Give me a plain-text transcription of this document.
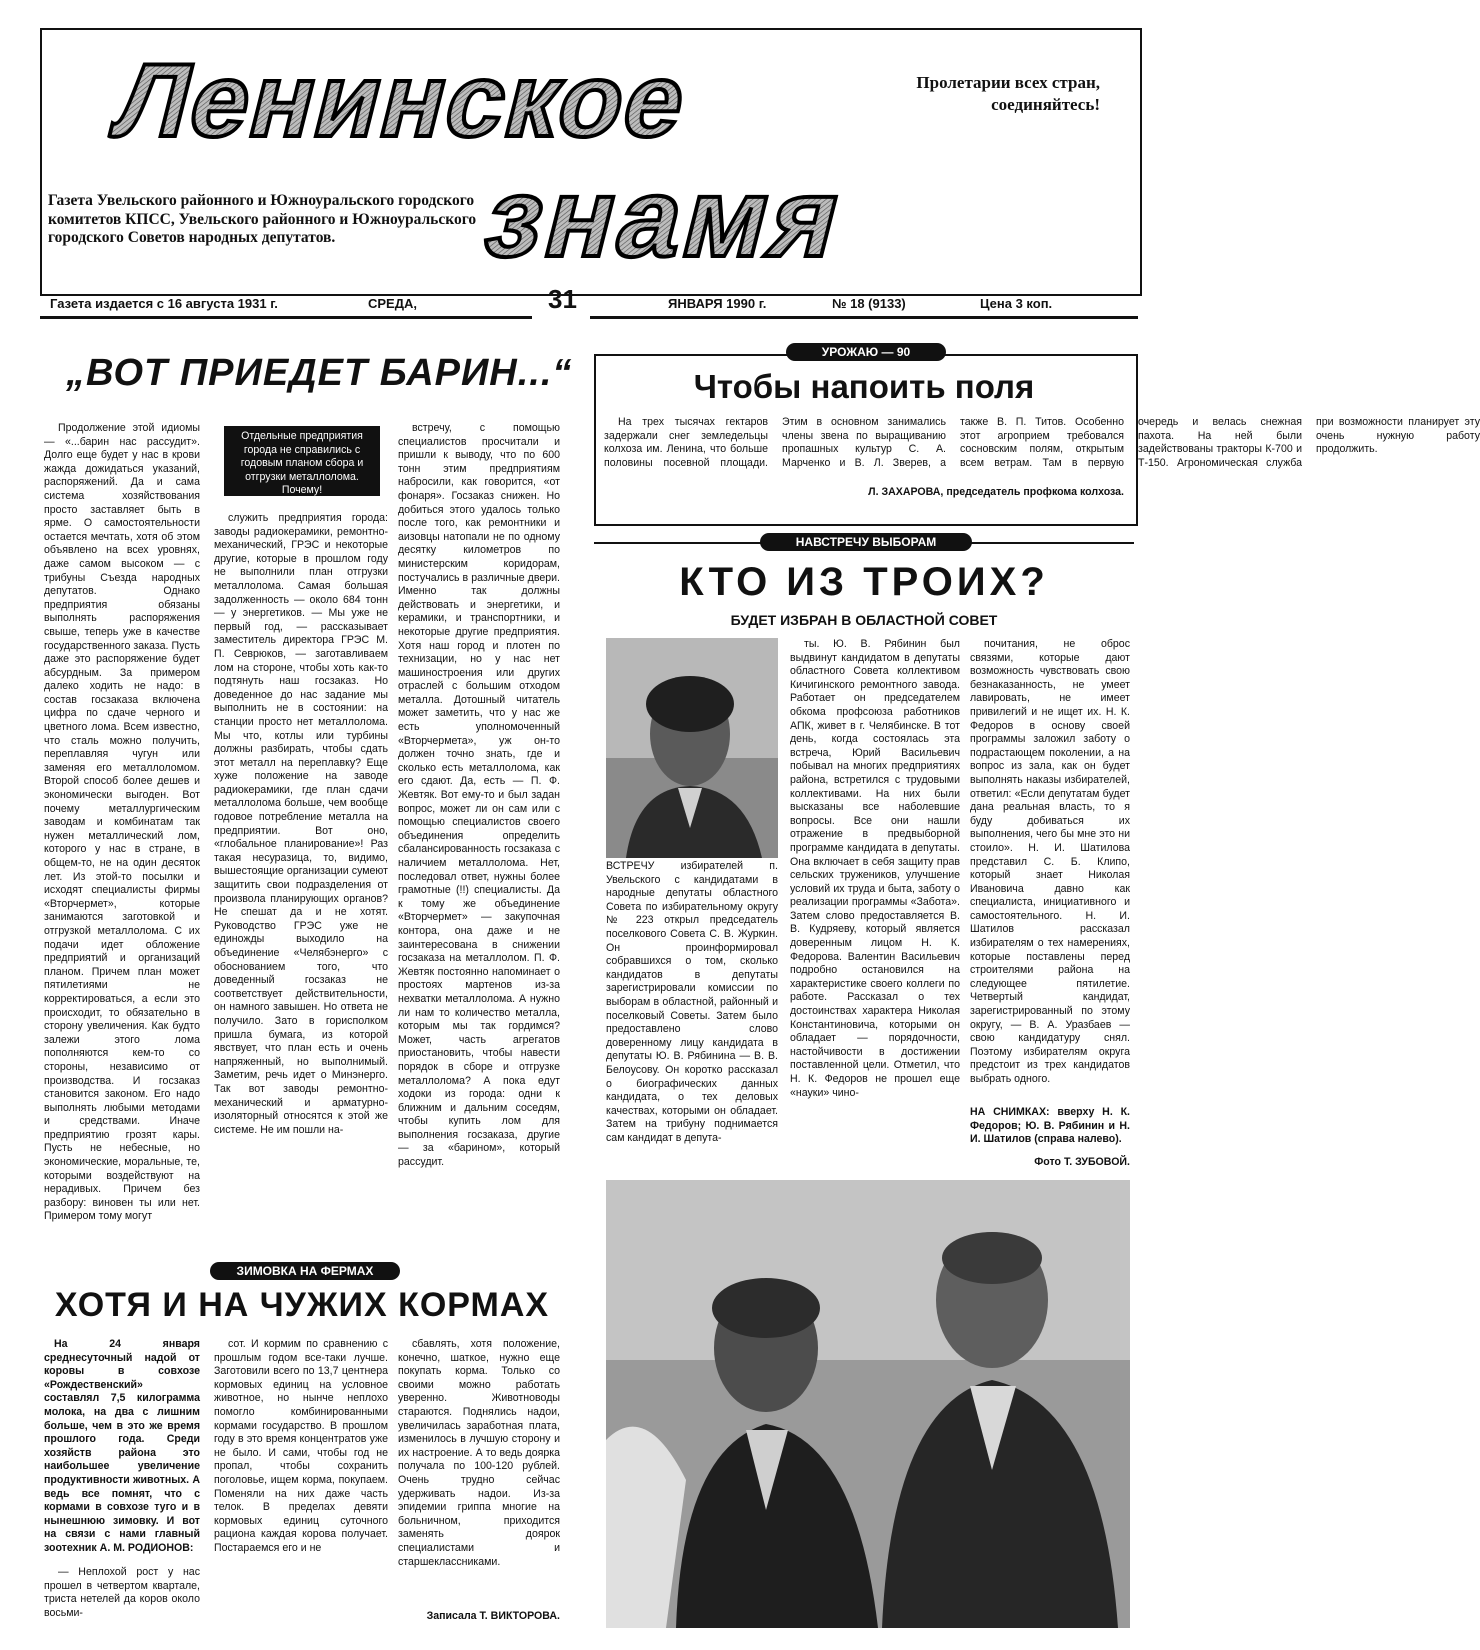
Ленинское
знамя
Пролетарии всех стран, соединяйтесь!
Газета Увельского районного и Южноуральского городского комитетов КПСС, Увельского районного и Южноуральского городского Советов народных депутатов.
Газета издается с 16 августа 1931 г.	СРЕДА,	31	ЯНВАРЯ 1990 г.	№ 18 (9133)	Цена 3 коп.
„ВОТ ПРИЕДЕТ БАРИН...“

Продолжение этой идиомы — «...барин нас рассудит». Долго еще будет у нас в крови жажда дожидаться указаний, распоряжений. Да и сама система хозяйствования просто заставляет быть в ярме. О самостоятельности остается мечтать, хотя об этом объявлено на всех уровнях, даже самом высоком — с трибуны Съезда народных депутатов. Однако предприятия обязаны выполнять распоряжения свыше, теперь уже в качестве государственного заказа. Пусть даже это распоряжение будет абсурдным. За примером далеко ходить не надо: в состав госзаказа включена цифра по сдаче черного и цветного лома. Всем известно, что сталь можно получить, переплавляя чугун или заменяя его металлоломом. Второй способ более дешев и экономически выгоден. Вот почему металлургическим заводам и комбинатам так нужен металлический лом, которого у нас в стране, в общем-то, не на один десяток лет. Из этой-то посылки и исходят специалисты фирмы «Вторчермет», которые занимаются заготовкой и отгрузкой металлолома. С их подачи идет обложение предприятий и организаций планом. Причем план может пятилетиями не корректироваться, а если это происходит, то обязательно в сторону увеличения. Как будто залежи этого лома пополняются кем-то со стороны, независимо от производства. И госзаказ становится законом. Его надо выполнять любыми методами и средствами. Иначе предприятию грозят кары. Пусть не небесные, но экономические, моральные, те, которыми воздействуют на нерадивых. Причем без разбору: виновен ты или нет. Примером тому могут

Отдельные предприятия города не справились с годовым планом сбора и отгрузки металлолома. Почему!

служить предприятия города: заводы радиокерамики, ремонтно-механический, ГРЭС и некоторые другие, которые в прошлом году не выполнили план отгрузки металлолома. Самая большая задолженность — около 684 тонн — у энергетиков. — Мы уже не первый год, — рассказывает заместитель директора ГРЭС М. П. Севрюков, — заготавливаем лом на стороне, чтобы хоть как-то подтянуть наш госзаказ. Но доведенное до нас задание мы выполнить не в состоянии: на станции просто нет металлолома. Мы что, котлы или турбины должны разбирать, чтобы сдать этот металл на переплавку? Еще хуже положение на заводе радиокерамики, где план сдачи металлолома больше, чем вообще годовое потребление металла на предприятии. Вот оно, «глобальное планирование»! Раз такая несуразица, то, видимо, вышестоящие организации сумеют защитить свои подразделения от произвола планирующих органов? Не спешат да и не хотят. Руководство ГРЭС уже не единожды выходило на объединение «Челябэнерго» с обоснованием того, что доведенный госзаказ не соответствует действительности, он намного завышен. Но ответа не получило. Зато в горисполком пришла бумага, из которой явствует, что план есть и очень напряженный, но выполнимый. Заметим, речь идет о Минэнерго. Так вот заводы ремонтно-механический и арматурно-изоляторный относятся к этой же системе. Не им пошли на-

встречу, с помощью специалистов просчитали и пришли к выводу, что по 600 тонн этим предприятиям набросили, как говорится, «от фонаря». Госзаказ снижен. Но добиться этого удалось только после того, как ремонтники и аизовцы натопали не по одному десятку километров по министерским коридорам, постучались в различные двери. Именно так должны действовать и энергетики, и керамики, и транспортники, и некоторые другие предприятия. Хотя наш город и плотен по технизации, но у нас нет машиностроения или других отраслей с большим отходом металла. Дотошный читатель может заметить, что у нас же есть уполномоченный «Вторчермета», уж он-то должен точно знать, где и сколько есть металлолома, как его сдают. Да, есть — П. Ф. Жевтяк. Вот ему-то и был задан вопрос, может ли он сам или с помощью специалистов своего объединения определить сбалансированность госзаказа с наличием металлолома. Нет, последовал ответ, нужны более грамотные (!!) специалисты. Да к тому же объединение «Вторчермет» — закупочная контора, она даже и не заинтересована в снижении госзаказа на металлолом. П. Ф. Жевтяк постоянно напоминает о простоях мартенов из-за нехватки металлолома. А нужно ли нам то количество металла, которым мы так гордимся? Может, часть агрегатов приостановить, чтобы навести порядок в сборе и отгрузке металлолома? А пока едут ходоки из города: одни к ближним и дальним соседям, чтобы купить лом для выполнения госзаказа, другие — за «барином», который рассудит.

УРОЖАЮ — 90
Чтобы напоить поля

На трех тысячах гектаров задержали снег земледельцы колхоза им. Ленина, что больше половины посевной площади. Этим в основном занимались члены звена по выращиванию пропашных культур С. А. Марченко и В. Л. Зверев, а также В. П. Титов. Особенно этот агроприем требовался сосновским полям, открытым всем ветрам. Там в первую очередь и велась снежная пахота. На ней были задействованы тракторы К-700 и Т-150. Агрономическая служба при возможности планирует эту очень нужную работу продолжить.

Л. ЗАХАРОВА, председатель профкома колхоза.
НАВСТРЕЧУ ВЫБОРАМ
КТО ИЗ ТРОИХ?
БУДЕТ ИЗБРАН В ОБЛАСТНОЙ СОВЕТ

ВСТРЕЧУ избирателей п. Увельского с кандидатами в народные депутаты областного Совета по избирательному округу № 223 открыл председатель поселкового Совета С. В. Журкин. Он проинформировал собравшихся о том, сколько кандидатов в депутаты зарегистрировали комиссии по выборам в областной, районный и поселковый Советы. Затем было предоставлено слово доверенному лицу кандидата в депутаты Ю. В. Рябинина — В. В. Белоусову. Он коротко рассказал о биографических данных кандидата, о тех деловых качествах, которыми он обладает. Затем на трибуну поднимается сам кандидат в депута-

ты. Ю. В. Рябинин был выдвинут кандидатом в депутаты областного Совета коллективом Кичигинского ремонтного завода. Работает он председателем обкома профсоюза работников АПК, живет в г. Челябинске. В тот день, когда состоялась эта встреча, Юрий Васильевич побывал на многих предприятиях района, встретился с трудовыми коллективами. На них были высказаны все наболевшие вопросы. Все они нашли отражение в предвыборной программе кандидата в депутаты. Она включает в себя защиту прав сельских тружеников, улучшение условий их труда и быта, заботу о реализации программы «Забота». Затем слово предоставляется В. В. Кудряеву, который является доверенным лицом Н. К. Федорова. Валентин Васильевич подробно остановился на характеристике своего коллеги по работе. Рассказал о тех достоинствах характера Николая Константиновича, которыми он обладает — порядочности, настойчивости в достижении поставленной цели. Отметил, что Н. К. Федоров не прошел еще «науки» чино-

почитания, не оброс связями, которые дают возможность чувствовать свою безнаказанность, не умеет лавировать, не имеет привилегий и не ищет их. Н. К. Федоров в основу своей программы заложил заботу о подрастающем поколении, а на вопрос из зала, как он будет выполнять наказы избирателей, ответил: «Если депутатам будет дана реальная власть, то я буду добиваться их выполнения, чего бы мне это ни стоило». Н. И. Шатилова представил С. Б. Клипо, который знает Николая Ивановича давно как специалиста, инициативного и самостоятельного. Н. И. Шатилов рассказал избирателям о тех намерениях, которые поставлены перед строителями района на следующее пятилетие. Четвертый кандидат, зарегистрированный по этому округу, — В. А. Уразбаев — свою кандидатуру снял. Поэтому избирателям округа предстоит из трех кандидатов выбрать одного.

НА СНИМКАХ: вверху Н. К. Федоров; Ю. В. Рябинин и Н. И. Шатилов (справа налево).

Фото Т. ЗУБОВОЙ.
ЗИМОВКА НА ФЕРМАХ
ХОТЯ И НА ЧУЖИХ КОРМАХ

На 24 января среднесуточный надой от коровы в совхозе «Рождественский» составлял 7,5 килограмма молока, на два с лишним больше, чем в это же время прошлого года. Среди хозяйств района это наибольшее увеличение продуктивности животных. А ведь все помнят, что с кормами в совхозе туго и в нынешнюю зимовку. И вот на связи с нами главный зоотехник А. М. РОДИОНОВ:

— Неплохой рост у нас прошел в четвертом квартале, триста нетелей да коров около восьми-

сот. И кормим по сравнению с прошлым годом все-таки лучше. Заготовили всего по 13,7 центнера кормовых единиц на условное животное, но нынче неплохо помогло комбинированными кормами государство. В прошлом году в это время концентратов уже не было. И сами, чтобы год не пропал, чтобы сохранить поголовье, ищем корма, покупаем. Поменяли на них даже часть телок. В пределах девяти кормовых единиц суточного рациона каждая корова получает. Постараемся его и не

сбавлять, хотя положение, конечно, шаткое, нужно еще покупать корма. Только со своими можно работать уверенно. Животноводы стараются. Поднялись надои, увеличилась заработная плата, изменилось в лучшую сторону и их настроение. А то ведь доярка получала по 100-120 рублей. Очень трудно сейчас удерживать надои. Из-за эпидемии гриппа многие на больничном, приходится заменять доярок специалистами и старшеклассниками.

Записала Т. ВИКТОРОВА.
